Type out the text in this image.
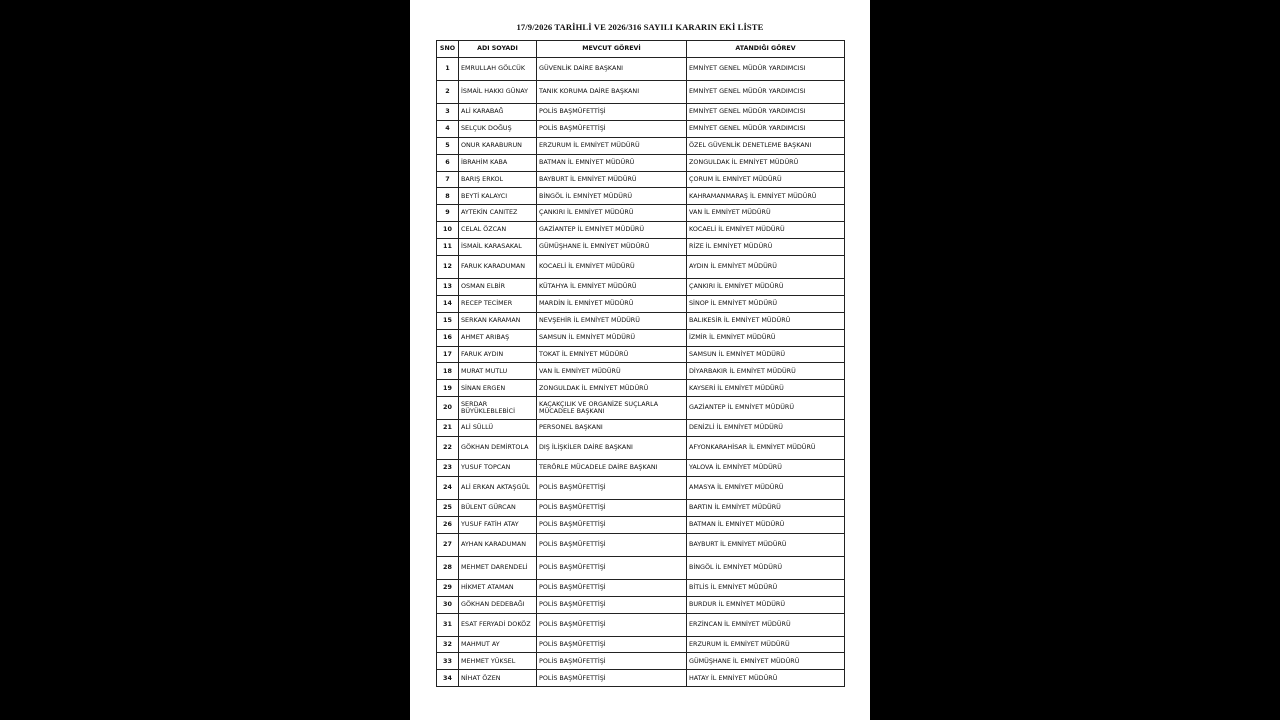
17/9/2026 TARİHLİ VE 2026/316 SAYILI KARARIN EKİ LİSTE
SNO	ADI SOYADI	MEVCUT GÖREVİ	ATANDIĞI GÖREV
1	EMRULLAH GÖLCÜK	GÜVENLİK DAİRE BAŞKANI	EMNİYET GENEL MÜDÜR YARDIMCISI
2	İSMAİL HAKKI GÜNAY	TANIK KORUMA DAİRE BAŞKANI	EMNİYET GENEL MÜDÜR YARDIMCISI
3	ALİ KARABAĞ	POLİS BAŞMÜFETTİŞİ	EMNİYET GENEL MÜDÜR YARDIMCISI
4	SELÇUK DOĞUŞ	POLİS BAŞMÜFETTİŞİ	EMNİYET GENEL MÜDÜR YARDIMCISI
5	ONUR KARABURUN	ERZURUM İL EMNİYET MÜDÜRÜ	ÖZEL GÜVENLİK DENETLEME BAŞKANI
6	İBRAHİM KABA	BATMAN İL EMNİYET MÜDÜRÜ	ZONGULDAK İL EMNİYET MÜDÜRÜ
7	BARIŞ ERKOL	BAYBURT İL EMNİYET MÜDÜRÜ	ÇORUM İL EMNİYET MÜDÜRÜ
8	BEYTİ KALAYCI	BİNGÖL İL EMNİYET MÜDÜRÜ	KAHRAMANMARAŞ İL EMNİYET MÜDÜRÜ
9	AYTEKİN CANITEZ	ÇANKIRI İL EMNİYET MÜDÜRÜ	VAN İL EMNİYET MÜDÜRÜ
10	CELAL ÖZCAN	GAZİANTEP İL EMNİYET MÜDÜRÜ	KOCAELİ İL EMNİYET MÜDÜRÜ
11	İSMAİL KARASAKAL	GÜMÜŞHANE İL EMNİYET MÜDÜRÜ	RİZE İL EMNİYET MÜDÜRÜ
12	FARUK KARADUMAN	KOCAELİ İL EMNİYET MÜDÜRÜ	AYDIN İL EMNİYET MÜDÜRÜ
13	OSMAN ELBİR	KÜTAHYA İL EMNİYET MÜDÜRÜ	ÇANKIRI İL EMNİYET MÜDÜRÜ
14	RECEP TECİMER	MARDİN İL EMNİYET MÜDÜRÜ	SİNOP İL EMNİYET MÜDÜRÜ
15	SERKAN KARAMAN	NEVŞEHİR İL EMNİYET MÜDÜRÜ	BALIKESİR İL EMNİYET MÜDÜRÜ
16	AHMET ARIBAŞ	SAMSUN İL EMNİYET MÜDÜRÜ	İZMİR İL EMNİYET MÜDÜRÜ
17	FARUK AYDIN	TOKAT İL EMNİYET MÜDÜRÜ	SAMSUN İL EMNİYET MÜDÜRÜ
18	MURAT MUTLU	VAN İL EMNİYET MÜDÜRÜ	DİYARBAKIR İL EMNİYET MÜDÜRÜ
19	SİNAN ERGEN	ZONGULDAK İL EMNİYET MÜDÜRÜ	KAYSERİ İL EMNİYET MÜDÜRÜ
20	SERDAR BÜYÜKLEBLEBİCİ	KAÇAKÇILIK VE ORGANİZE SUÇLARLA MÜCADELE BAŞKANI	GAZİANTEP İL EMNİYET MÜDÜRÜ
21	ALİ SÜLLÜ	PERSONEL BAŞKANI	DENİZLİ İL EMNİYET MÜDÜRÜ
22	GÖKHAN DEMİRTOLA	DIŞ İLİŞKİLER DAİRE BAŞKANI	AFYONKARAHİSAR İL EMNİYET MÜDÜRÜ
23	YUSUF TOPCAN	TERÖRLE MÜCADELE DAİRE BAŞKANI	YALOVA İL EMNİYET MÜDÜRÜ
24	ALİ ERKAN AKTAŞGÜL	POLİS BAŞMÜFETTİŞİ	AMASYA İL EMNİYET MÜDÜRÜ
25	BÜLENT GÜRCAN	POLİS BAŞMÜFETTİŞİ	BARTIN İL EMNİYET MÜDÜRÜ
26	YUSUF FATİH ATAY	POLİS BAŞMÜFETTİŞİ	BATMAN İL EMNİYET MÜDÜRÜ
27	AYHAN KARADUMAN	POLİS BAŞMÜFETTİŞİ	BAYBURT İL EMNİYET MÜDÜRÜ
28	MEHMET DARENDELİ	POLİS BAŞMÜFETTİŞİ	BİNGÖL İL EMNİYET MÜDÜRÜ
29	HİKMET ATAMAN	POLİS BAŞMÜFETTİŞİ	BİTLİS İL EMNİYET MÜDÜRÜ
30	GÖKHAN DEDEBAĞI	POLİS BAŞMÜFETTİŞİ	BURDUR İL EMNİYET MÜDÜRÜ
31	ESAT FERYADİ DOKÖZ	POLİS BAŞMÜFETTİŞİ	ERZİNCAN İL EMNİYET MÜDÜRÜ
32	MAHMUT AY	POLİS BAŞMÜFETTİŞİ	ERZURUM İL EMNİYET MÜDÜRÜ
33	MEHMET YÜKSEL	POLİS BAŞMÜFETTİŞİ	GÜMÜŞHANE İL EMNİYET MÜDÜRÜ
34	NİHAT ÖZEN	POLİS BAŞMÜFETTİŞİ	HATAY İL EMNİYET MÜDÜRÜ
